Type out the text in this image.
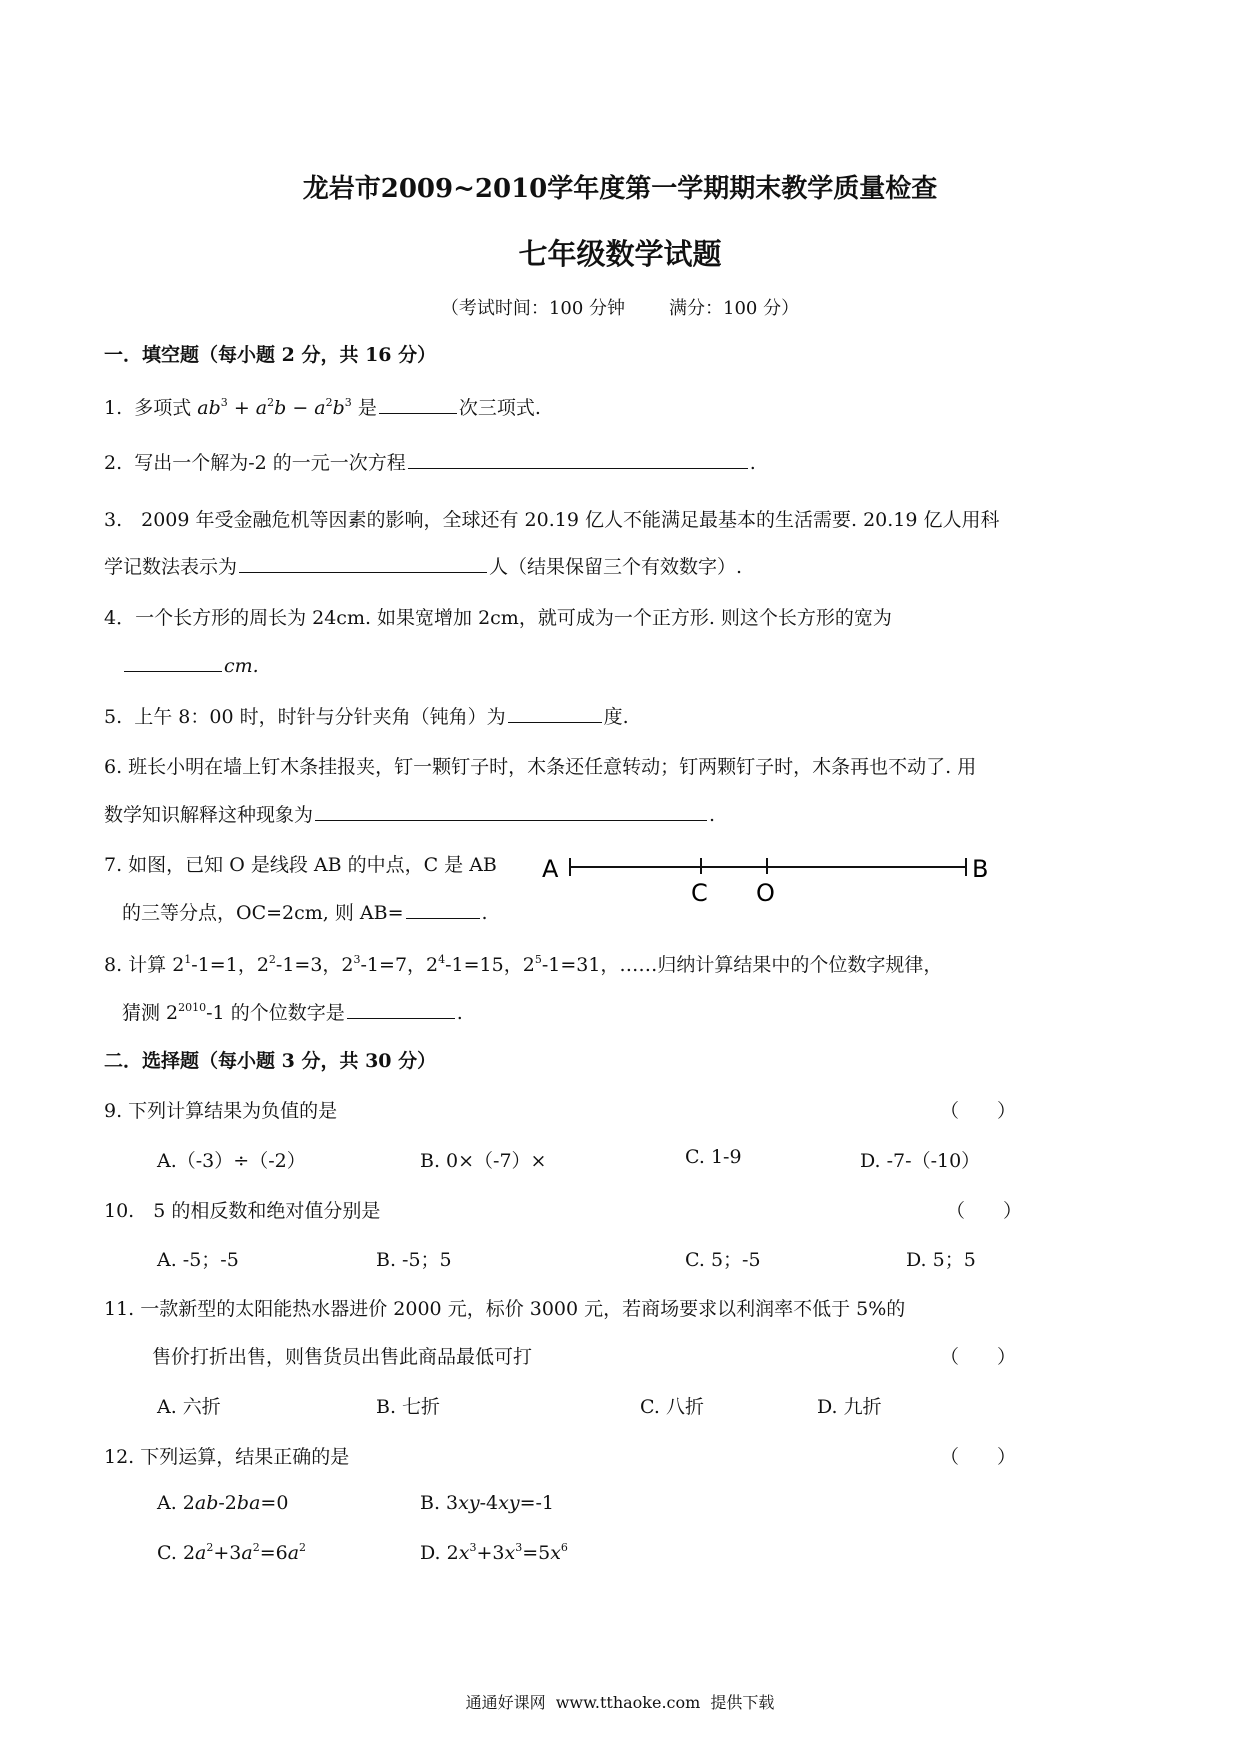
龙岩市2009~2010学年度第一学期期末教学质量检查
七年级数学试题
（考试时间：100 分钟 满分：100 分）
一．填空题（每小题 2 分，共 16 分）
1. 多项式 $ab^3 + a^2b - a^2b^3$ 是	次三项式.
2. 写出一个解为-2 的一元一次方程	.
3.　2009 年受金融危机等因素的影响，全球还有 20.19 亿人不能满足最基本的生活需要. 20.19 亿人用科
学记数法表示为	人（结果保留三个有效数字）.
4．一个长方形的周长为 24cm. 如果宽增加 2cm，就可成为一个正方形. 则这个长方形的宽为
cm.
5. 上午 8：00 时，时针与分针夹角（钝角）为	度.
6. 班长小明在墙上钉木条挂报夹，钉一颗钉子时，木条还任意转动；钉两颗钉子时，木条再也不动了. 用
数学知识解释这种现象为	.
7. 如图，已知 O 是线段 AB 的中点，C 是 AB
的三等分点，OC=2cm, 则 AB=	.
A	B
C O
8. 计算 $2^1-1=1$，$2^2-1=3$，$2^3-1=7$，$2^4-1=15$，$2^5-1=31$，……归纳计算结果中的个位数字规律，
猜测 $2^{2010}-1$ 的个位数字是	.
二．选择题（每小题 3 分，共 30 分）
9. 下列计算结果为负值的是	（　　）
A.（-3）÷（-2）	B. 0×（-7）×	C. 1-9	D. -7-（-10）
10.　5 的相反数和绝对值分别是	（　　）
A. -5；-5	B. -5；5	C. 5；-5	D. 5；5
11. 一款新型的太阳能热水器进价 2000 元，标价 3000 元，若商场要求以利润率不低于 5%的
售价打折出售，则售货员出售此商品最低可打	（　　）
A. 六折	B. 七折	C. 八折	D. 九折
12. 下列运算，结果正确的是	（　　）
A. 2ab-2ba=0	B. 3xy-4xy=-1
C. $2a^2+3a^2=6a^2$	D. $2x^3+3x^3=5x^6$
通通好课网 www.tthaoke.com 提供下载
